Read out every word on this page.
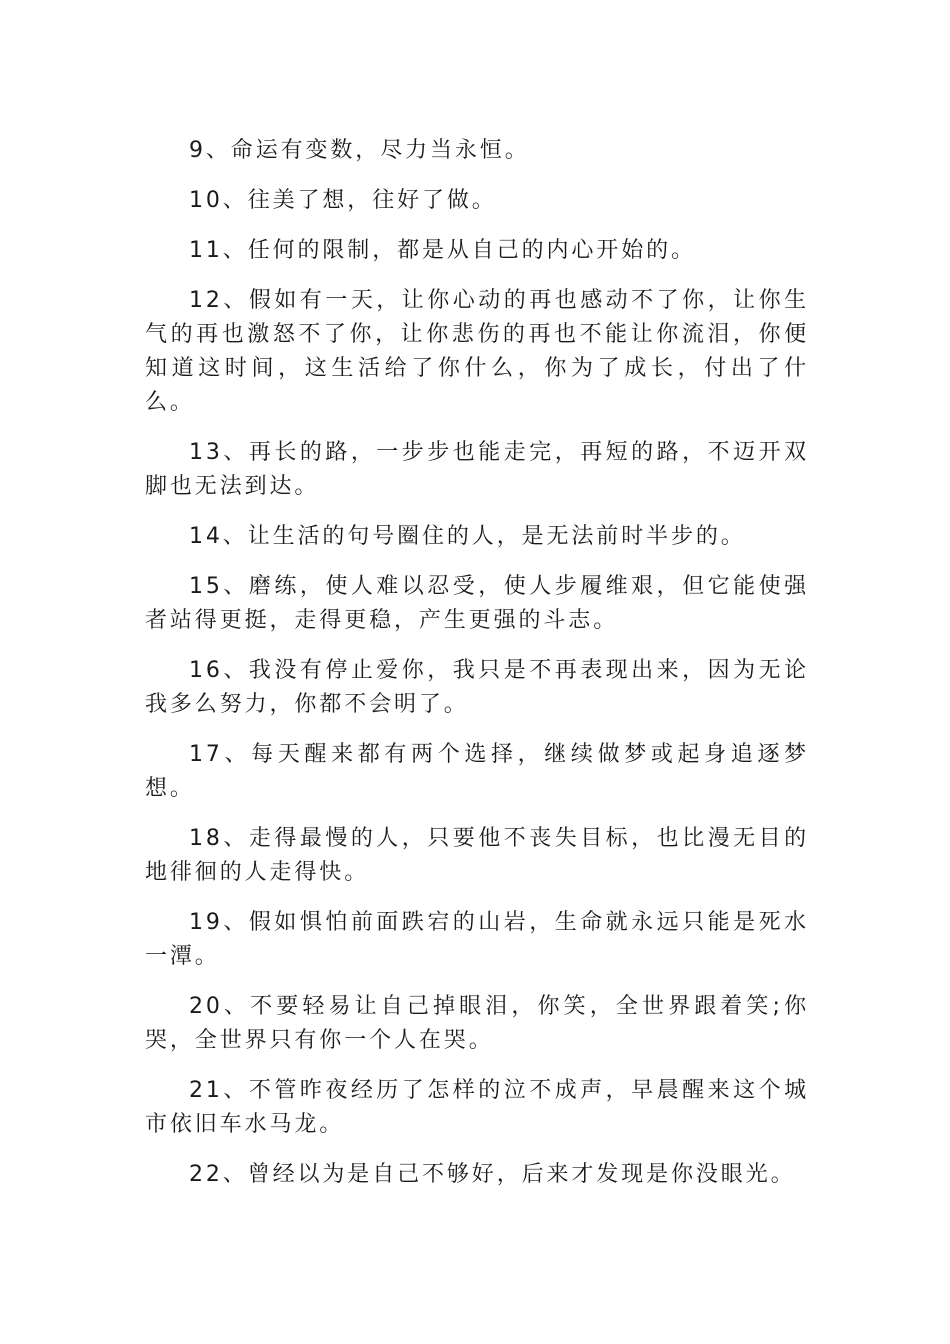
9、命运有变数，尽力当永恒。

10、往美了想，往好了做。

11、任何的限制，都是从自己的内心开始的。

12、假如有一天，让你心动的再也感动不了你，让你生气的再也激怒不了你，让你悲伤的再也不能让你流泪，你便知道这时间，这生活给了你什么，你为了成长，付出了什么。

13、再长的路，一步步也能走完，再短的路，不迈开双脚也无法到达。

14、让生活的句号圈住的人，是无法前时半步的。

15、磨练，使人难以忍受，使人步履维艰，但它能使强者站得更挺，走得更稳，产生更强的斗志。

16、我没有停止爱你，我只是不再表现出来，因为无论我多么努力，你都不会明了。

17、每天醒来都有两个选择，继续做梦或起身追逐梦想。

18、走得最慢的人，只要他不丧失目标，也比漫无目的地徘徊的人走得快。

19、假如惧怕前面跌宕的山岩，生命就永远只能是死水一潭。

20、不要轻易让自己掉眼泪，你笑，全世界跟着笑;你哭，全世界只有你一个人在哭。

21、不管昨夜经历了怎样的泣不成声，早晨醒来这个城市依旧车水马龙。

22、曾经以为是自己不够好，后来才发现是你没眼光。
